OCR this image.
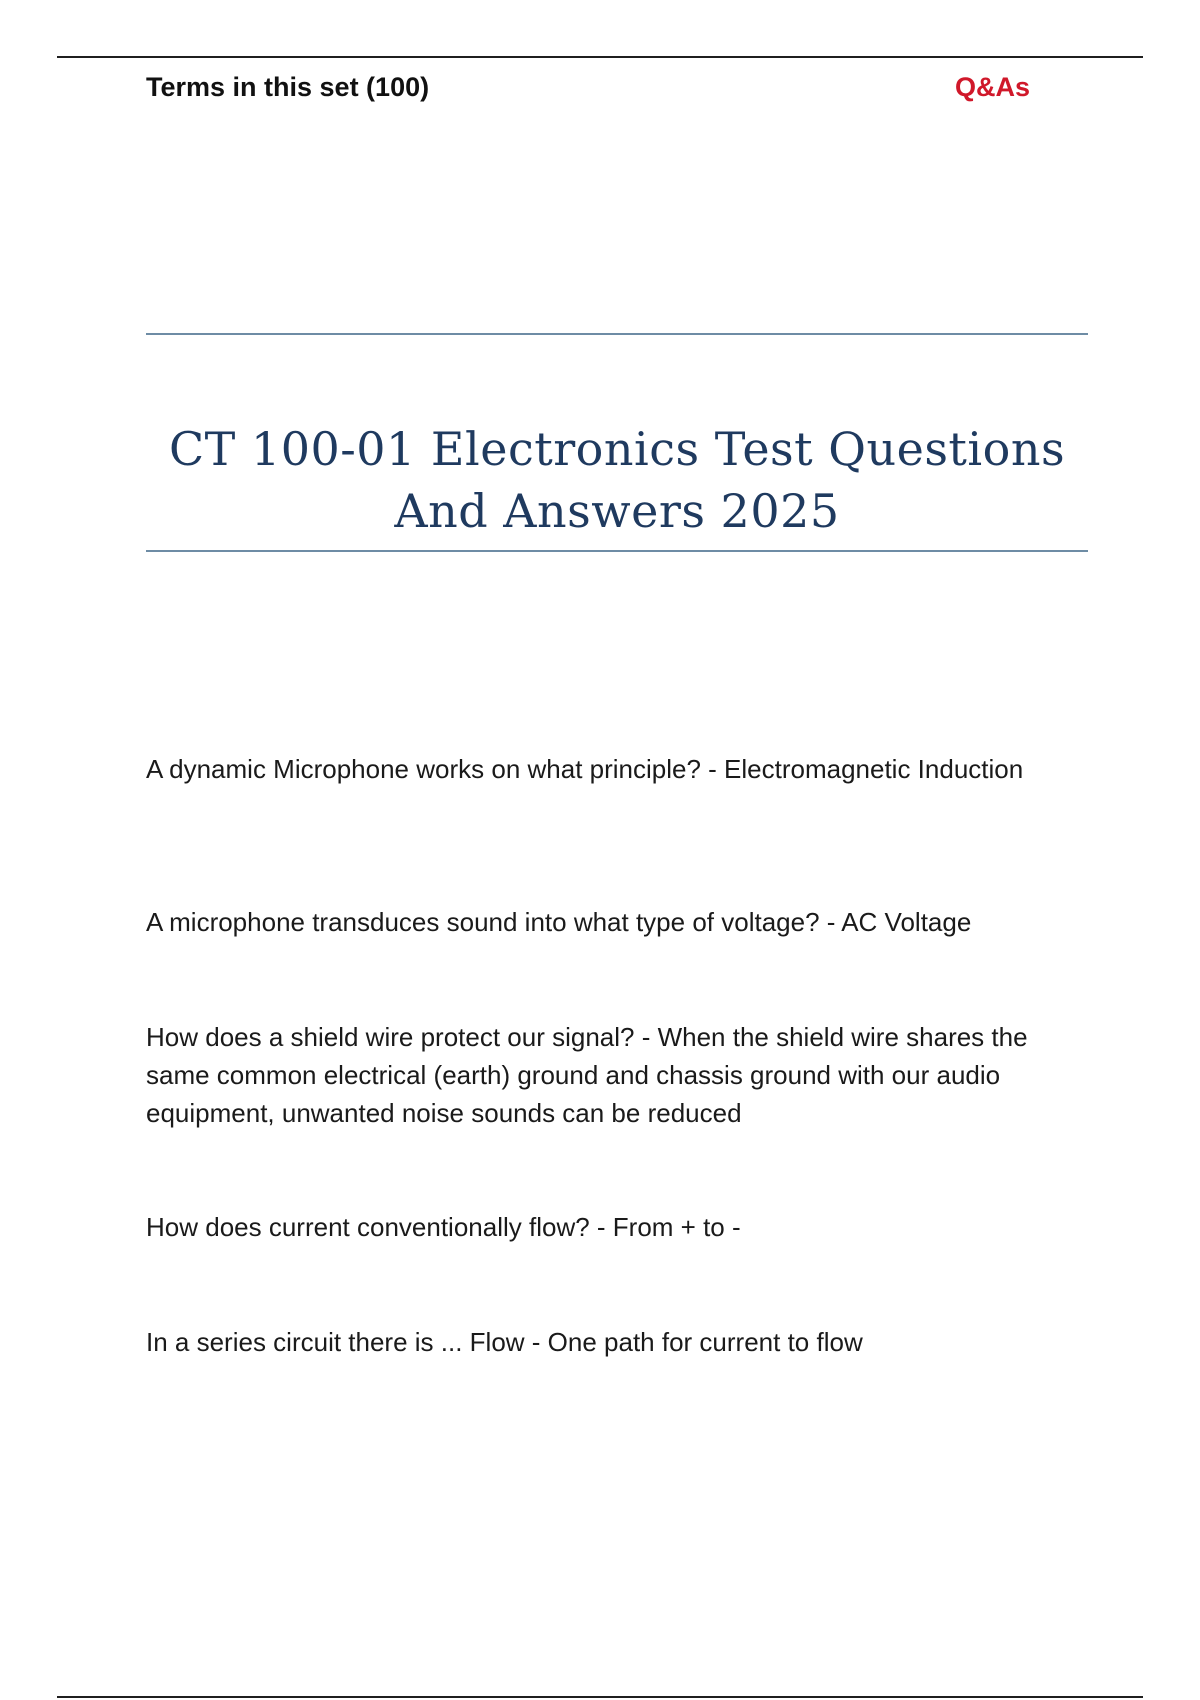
Terms in this set (100)	Q&As
CT 100-01 Electronics Test Questions
And Answers 2025
A dynamic Microphone works on what principle? - Electromagnetic Induction
A microphone transduces sound into what type of voltage? - AC Voltage
How does a shield wire protect our signal? - When the shield wire shares the same common electrical (earth) ground and chassis ground with our audio equipment, unwanted noise sounds can be reduced
How does current conventionally flow? - From + to -
In a series circuit there is ... Flow - One path for current to flow
